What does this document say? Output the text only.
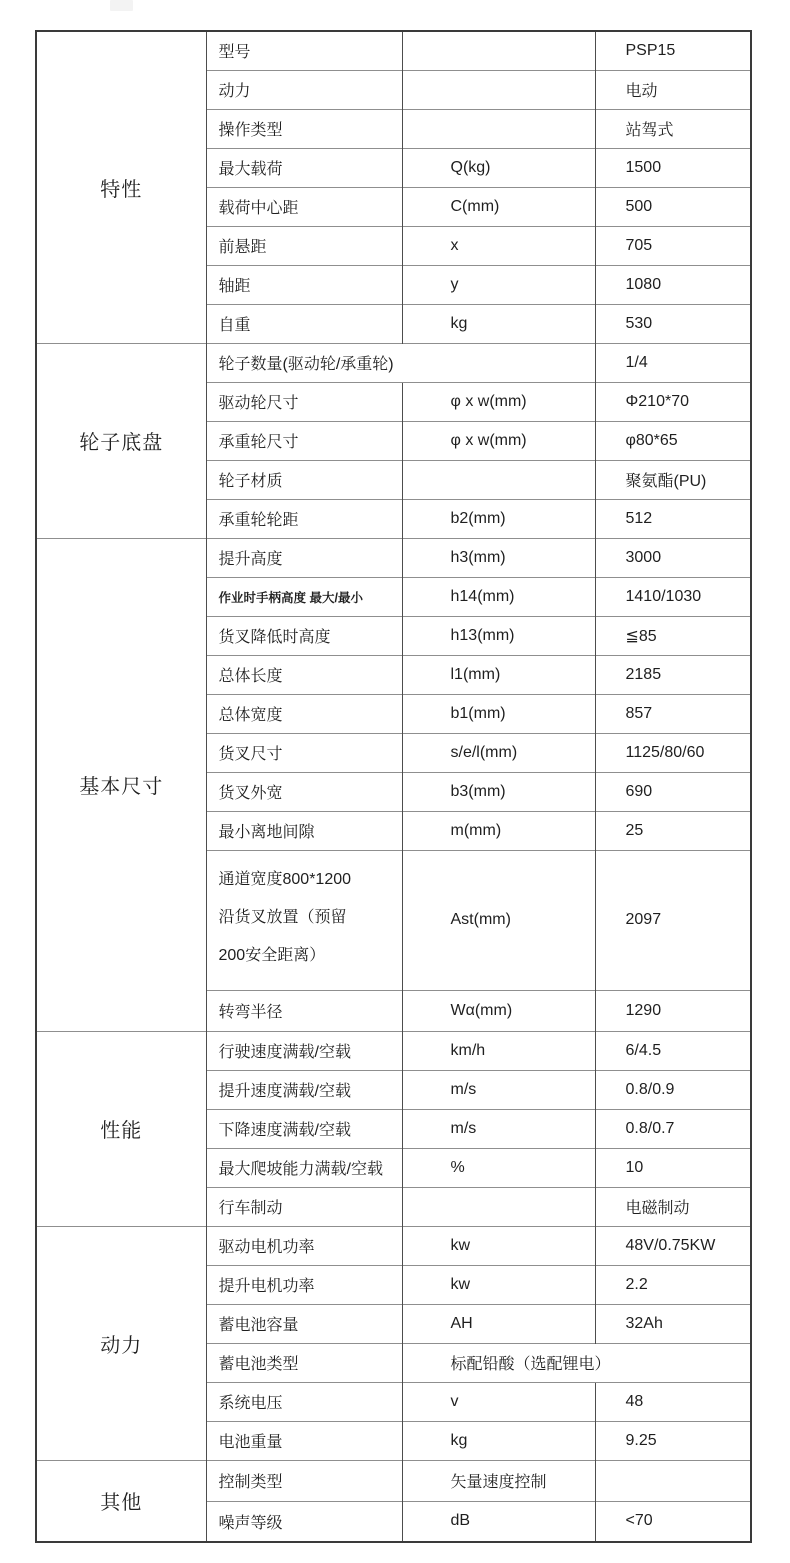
特性	型号		PSP15
	动力		电动
	操作类型		站驾式
	最大载荷	Q(kg)	1500
	载荷中心距	C(mm)	500
	前悬距	x	705
	轴距	y	1080
	自重	kg	530
轮子底盘	轮子数量(驱动轮/承重轮)		1/4
	驱动轮尺寸	φ x w(mm)	Φ210*70
	承重轮尺寸	φ x w(mm)	φ80*65
	轮子材质		聚氨酯(PU)
	承重轮轮距	b2(mm)	512
基本尺寸	提升高度	h3(mm)	3000
	作业时手柄高度 最大/最小	h14(mm)	1410/1030
	货叉降低时高度	h13(mm)	≦85
	总体长度	l1(mm)	2185
	总体宽度	b1(mm)	857
	货叉尺寸	s/e/l(mm)	1125/80/60
	货叉外宽	b3(mm)	690
	最小离地间隙	m(mm)	25

	通道宽度800*1200
沿货叉放置（预留
200安全距离）	Ast(mm)	2097
	转弯半径	Wα(mm)	1290
性能	行驶速度满载/空载	km/h	6/4.5
	提升速度满载/空载	m/s	0.8/0.9
	下降速度满载/空载	m/s	0.8/0.7
	最大爬坡能力满载/空载	%	10
	行车制动		电磁制动
动力	驱动电机功率	kw	48V/0.75KW
	提升电机功率	kw	2.2
	蓄电池容量	AH	32Ah
	蓄电池类型	标配铅酸（选配锂电）	
	系统电压	v	48
	电池重量	kg	9.25
其他	控制类型	矢量速度控制	
	噪声等级	dB	<70
